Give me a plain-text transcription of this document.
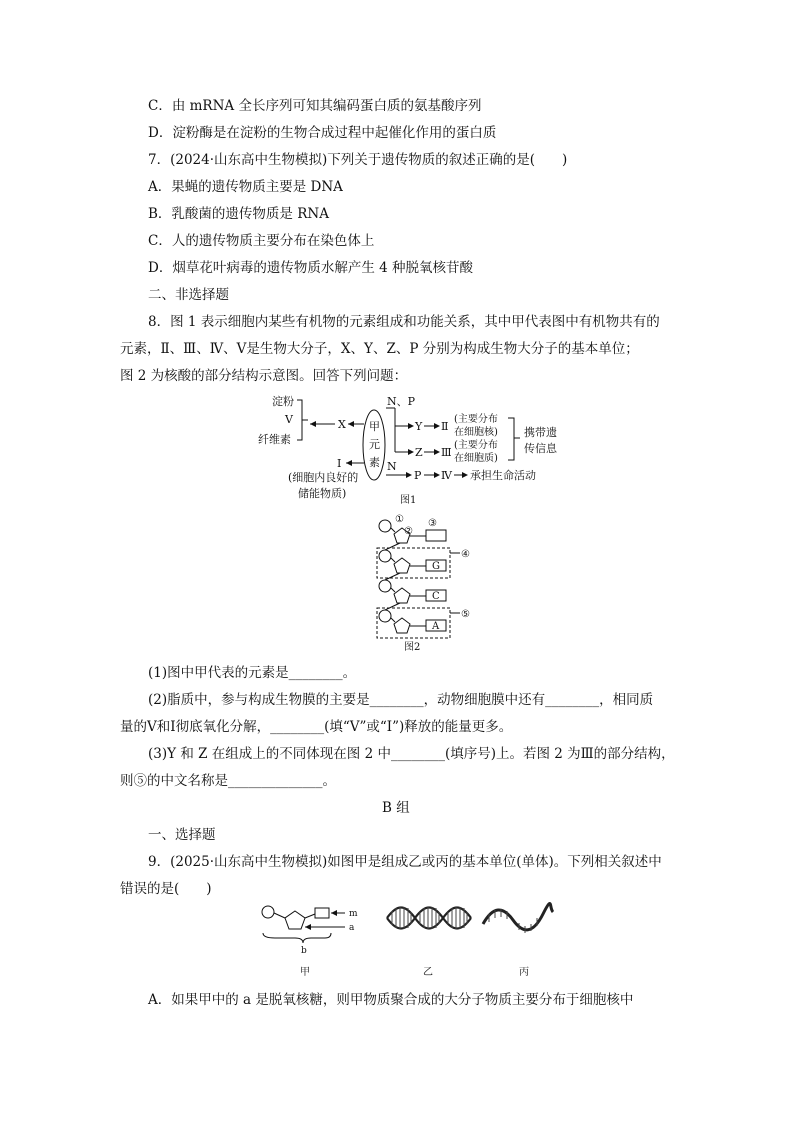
C．由 mRNA 全长序列可知其编码蛋白质的氨基酸序列
D．淀粉酶是在淀粉的生物合成过程中起催化作用的蛋白质
7．(2024·山东高中生物模拟)下列关于遗传物质的叙述正确的是(　　)
A．果蝇的遗传物质主要是 DNA
B．乳酸菌的遗传物质是 RNA
C．人的遗传物质主要分布在染色体上
D．烟草花叶病毒的遗传物质水解产生 4 种脱氧核苷酸
二、非选择题
8．图 1 表示细胞内某些有机物的元素组成和功能关系，其中甲代表图中有机物共有的
元素，Ⅱ、Ⅲ、Ⅳ、Ⅴ是生物大分子，X、Y、Z、P 分别为构成生物大分子的基本单位；
图 2 为核酸的部分结构示意图。回答下列问题：
淀粉
Ⅴ
纤维素
X
Ⅰ
(细胞内良好的
储能物质)
甲
元
素
N、P
Y Ⅱ
(主要分布
在细胞核)
Z Ⅲ
(主要分布
在细胞质)
携带遗
传信息
N
P Ⅳ 承担生命活动
图1
①
②
③
④
⑤
G
C
A
图2
(1)图中甲代表的元素是________。
(2)脂质中，参与构成生物膜的主要是________，动物细胞膜中还有________，相同质
量的Ⅴ和Ⅰ彻底氧化分解，________(填“Ⅴ”或“Ⅰ”)释放的能量更多。
(3)Y 和 Z 在组成上的不同体现在图 2 中________(填序号)上。若图 2 为Ⅲ的部分结构，
则⑤的中文名称是______________。
B 组
一、选择题
9．(2025·山东高中生物模拟)如图甲是组成乙或丙的基本单位(单体)。下列相关叙述中
错误的是(　　)
m
a
b
甲	乙	丙
A．如果甲中的 a 是脱氧核糖，则甲物质聚合成的大分子物质主要分布于细胞核中
